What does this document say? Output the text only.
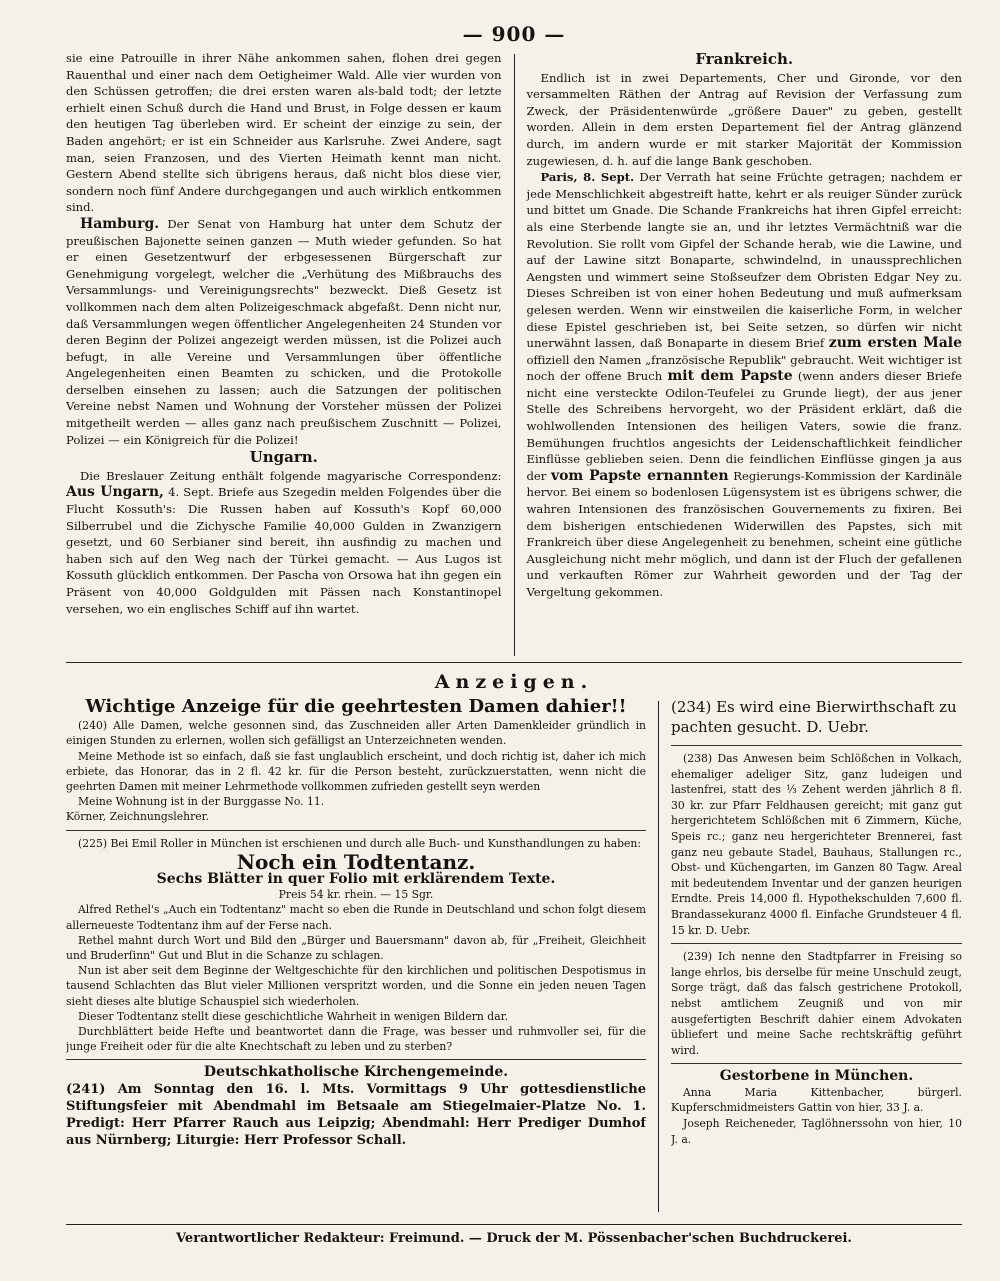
— 900 —

sie eine Patrouille in ihrer Nähe ankommen sahen, flohen drei gegen Rauenthal und einer nach dem Oetigheimer Wald. Alle vier wurden von den Schüssen getroffen; die drei ersten waren als-bald todt; der letzte erhielt einen Schuß durch die Hand und Brust, in Folge dessen er kaum den heutigen Tag überleben wird. Er scheint der einzige zu sein, der Baden angehört; er ist ein Schneider aus Karlsruhe. Zwei Andere, sagt man, seien Franzosen, und des Vierten Heimath kennt man nicht. Gestern Abend stellte sich übrigens heraus, daß nicht blos diese vier, sondern noch fünf Andere durchgegangen und auch wirklich entkommen sind.

Hamburg. Der Senat von Hamburg hat unter dem Schutz der preußischen Bajonette seinen ganzen — Muth wieder gefunden. So hat er einen Gesetzentwurf der erbgesessenen Bürgerschaft zur Genehmigung vorgelegt, welcher die „Verhütung des Mißbrauchs des Versammlungs- und Vereinigungsrechts" bezweckt. Dieß Gesetz ist vollkommen nach dem alten Polizeigeschmack abgefaßt. Denn nicht nur, daß Versammlungen wegen öffentlicher Angelegenheiten 24 Stunden vor deren Beginn der Polizei angezeigt werden müssen, ist die Polizei auch befugt, in alle Vereine und Versammlungen über öffentliche Angelegenheiten einen Beamten zu schicken, und die Protokolle derselben einsehen zu lassen; auch die Satzungen der politischen Vereine nebst Namen und Wohnung der Vorsteher müssen der Polizei mitgetheilt werden — alles ganz nach preußischem Zuschnitt — Polizei, Polizei — ein Königreich für die Polizei!

Ungarn.

Die Breslauer Zeitung enthält folgende magyarische Correspondenz: Aus Ungarn, 4. Sept. Briefe aus Szegedin melden Folgendes über die Flucht Kossuth's: Die Russen haben auf Kossuth's Kopf 60,000 Silberrubel und die Zichysche Familie 40,000 Gulden in Zwanzigern gesetzt, und 60 Serbianer sind bereit, ihn ausfindig zu machen und haben sich auf den Weg nach der Türkei gemacht. — Aus Lugos ist Kossuth glücklich entkommen. Der Pascha von Orsowa hat ihn gegen ein Präsent von 40,000 Goldgulden mit Pässen nach Konstantinopel versehen, wo ein englisches Schiff auf ihn wartet.

Frankreich.

Endlich ist in zwei Departements, Cher und Gironde, vor den versammelten Räthen der Antrag auf Revision der Verfassung zum Zweck, der Präsidentenwürde „größere Dauer" zu geben, gestellt worden. Allein in dem ersten Departement fiel der Antrag glänzend durch, im andern wurde er mit starker Majorität der Kommission zugewiesen, d. h. auf die lange Bank geschoben.

Paris, 8. Sept. Der Verrath hat seine Früchte getragen; nachdem er jede Menschlichkeit abgestreift hatte, kehrt er als reuiger Sünder zurück und bittet um Gnade. Die Schande Frankreichs hat ihren Gipfel erreicht: als eine Sterbende langte sie an, und ihr letztes Vermächtniß war die Revolution. Sie rollt vom Gipfel der Schande herab, wie die Lawine, und auf der Lawine sitzt Bonaparte, schwindelnd, in unaussprechlichen Aengsten und wimmert seine Stoßseufzer dem Obristen Edgar Ney zu. Dieses Schreiben ist von einer hohen Bedeutung und muß aufmerksam gelesen werden. Wenn wir einstweilen die kaiserliche Form, in welcher diese Epistel geschrieben ist, bei Seite setzen, so dürfen wir nicht unerwähnt lassen, daß Bonaparte in diesem Brief zum ersten Male offiziell den Namen „französische Republik" gebraucht. Weit wichtiger ist noch der offene Bruch mit dem Papste (wenn anders dieser Briefe nicht eine versteckte Odilon-Teufelei zu Grunde liegt), der aus jener Stelle des Schreibens hervorgeht, wo der Präsident erklärt, daß die wohlwollenden Intensionen des heiligen Vaters, sowie die franz. Bemühungen fruchtlos angesichts der Leidenschaftlichkeit feindlicher Einflüsse geblieben seien. Denn die feindlichen Einflüsse gingen ja aus der vom Papste ernannten Regierungs-Kommission der Kardinäle hervor. Bei einem so bodenlosen Lügensystem ist es übrigens schwer, die wahren Intensionen des französischen Gouvernements zu fixiren. Bei dem bisherigen entschiedenen Widerwillen des Papstes, sich mit Frankreich über diese Angelegenheit zu benehmen, scheint eine gütliche Ausgleichung nicht mehr möglich, und dann ist der Fluch der gefallenen und verkauften Römer zur Wahrheit geworden und der Tag der Vergeltung gekommen.

Anzeigen.
Wichtige Anzeige für die geehrtesten Damen dahier!!

(240) Alle Damen, welche gesonnen sind, das Zuschneiden aller Arten Damenkleider gründlich in einigen Stunden zu erlernen, wollen sich gefälligst an Unterzeichneten wenden.

Meine Methode ist so einfach, daß sie fast unglaublich erscheint, und doch richtig ist, daher ich mich erbiete, das Honorar, das in 2 fl. 42 kr. für die Person besteht, zurückzuerstatten, wenn nicht die geehrten Damen mit meiner Lehrmethode vollkommen zufrieden gestellt seyn werden

Meine Wohnung ist in der Burggasse No. 11.

Körner, Zeichnungslehrer.

(225) Bei Emil Roller in München ist erschienen und durch alle Buch- und Kunsthandlungen zu haben:

Noch ein Todtentanz.
Sechs Blätter in quer Folio mit erklärendem Texte.
Preis 54 kr. rhein. — 15 Sgr.

Alfred Rethel's „Auch ein Todtentanz" macht so eben die Runde in Deutschland und schon folgt diesem allerneueste Todtentanz ihm auf der Ferse nach.

Rethel mahnt durch Wort und Bild den „Bürger und Bauersmann" davon ab, für „Freiheit, Gleichheit und Bruderſinn" Gut und Blut in die Schanze zu schlagen.

Nun ist aber seit dem Beginne der Weltgeschichte für den kirchlichen und politischen Despotismus in tausend Schlachten das Blut vieler Millionen verspritzt worden, und die Sonne ein jeden neuen Tagen sieht dieses alte blutige Schauspiel sich wiederholen.

Dieser Todtentanz stellt diese geschichtliche Wahrheit in wenigen Bildern dar.

Durchblättert beide Hefte und beantwortet dann die Frage, was besser und ruhmvoller sei, für die junge Freiheit oder für die alte Knechtschaft zu leben und zu sterben?

Deutschkatholische Kirchengemeinde.

(241) Am Sonntag den 16. l. Mts. Vormittags 9 Uhr gottesdienstliche Stiftungsfeier mit Abendmahl im Betsaale am Stiegelmaier-Platze No. 1. Predigt: Herr Pfarrer Rauch aus Leipzig; Abendmahl: Herr Prediger Dumhof aus Nürnberg; Liturgie: Herr Professor Schall.

(234) Es wird eine Bierwirthschaft zu pachten gesucht. D. Uebr.

(238) Das Anwesen beim Schlößchen in Volkach, ehemaliger adeliger Sitz, ganz ludeigen und lastenfrei, statt des ⅓ Zehent werden jährlich 8 fl. 30 kr. zur Pfarr Feldhausen gereicht; mit ganz gut hergerichtetem Schlößchen mit 6 Zimmern, Küche, Speis rc.; ganz neu hergerichteter Brennerei, fast ganz neu gebaute Stadel, Bauhaus, Stallungen rc., Obst- und Küchengarten, im Ganzen 80 Tagw. Areal mit bedeutendem Inventar und der ganzen heurigen Erndte. Preis 14,000 fl. Hypothekschulden 7,600 fl. Brandassekuranz 4000 fl. Einfache Grundsteuer 4 fl. 15 kr. D. Uebr.

(239) Ich nenne den Stadtpfarrer in Freising so lange ehrlos, bis derselbe für meine Unschuld zeugt, Sorge trägt, daß das falsch gestrichene Protokoll, nebst amtlichem Zeugniß und von mir ausgefertigten Beschrift dahier einem Advokaten übliefert und meine Sache rechtskräftig geführt wird.

Gestorbene in München.

Anna Maria Kittenbacher, bürgerl. Kupferschmidmeisters Gattin von hier, 33 J. a.

Joseph Reicheneder, Taglöhnerssohn von hier, 10 J. a.

Verantwortlicher Redakteur: Freimund. — Druck der M. Pössenbacher'schen Buchdruckerei.
